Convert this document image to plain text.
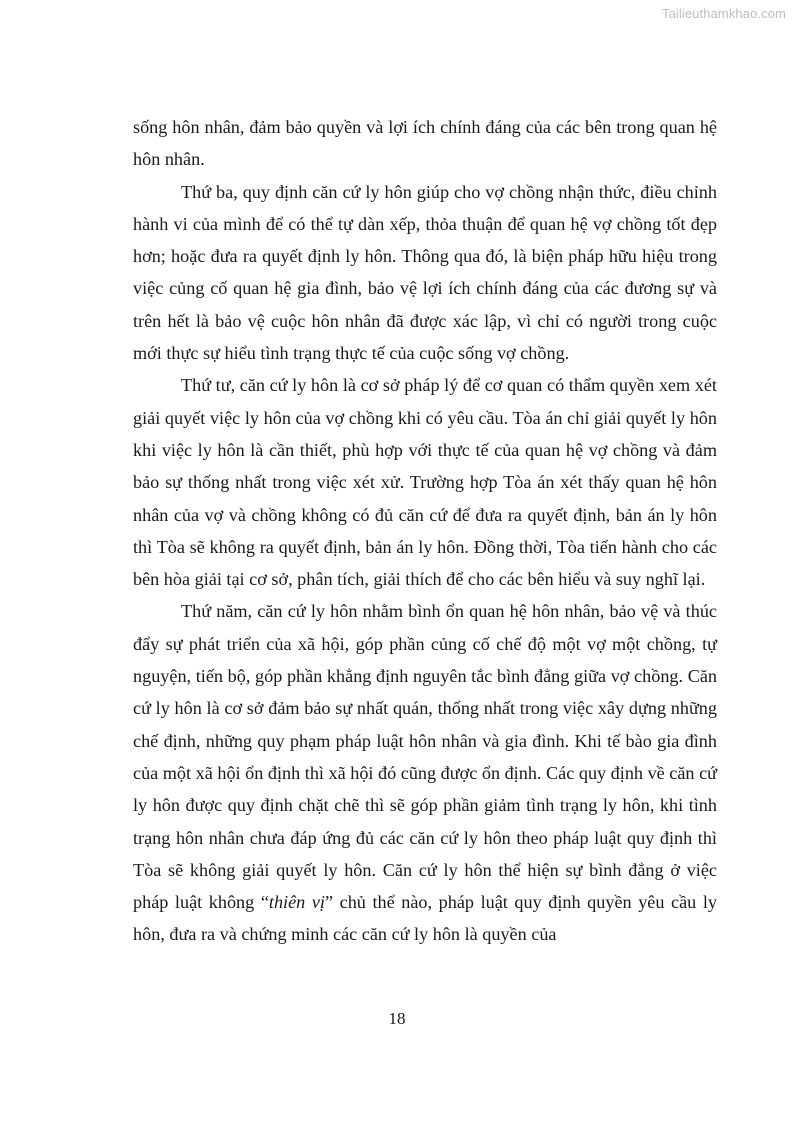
Tailieuthamkhao.com

sống hôn nhân, đảm bảo quyền và lợi ích chính đáng của các bên trong quan hệ hôn nhân.

Thứ ba, quy định căn cứ ly hôn giúp cho vợ chồng nhận thức, điều chỉnh hành vi của mình để có thể tự dàn xếp, thỏa thuận để quan hệ vợ chồng tốt đẹp hơn; hoặc đưa ra quyết định ly hôn. Thông qua đó, là biện pháp hữu hiệu trong việc củng cố quan hệ gia đình, bảo vệ lợi ích chính đáng của các đương sự và trên hết là bảo vệ cuộc hôn nhân đã được xác lập, vì chỉ có người trong cuộc mới thực sự hiểu tình trạng thực tế của cuộc sống vợ chồng.

Thứ tư, căn cứ ly hôn là cơ sở pháp lý để cơ quan có thẩm quyền xem xét giải quyết việc ly hôn của vợ chồng khi có yêu cầu. Tòa án chỉ giải quyết ly hôn khi việc ly hôn là cần thiết, phù hợp với thực tế của quan hệ vợ chồng và đảm bảo sự thống nhất trong việc xét xử. Trường hợp Tòa án xét thấy quan hệ hôn nhân của vợ và chồng không có đủ căn cứ để đưa ra quyết định, bản án ly hôn thì Tòa sẽ không ra quyết định, bản án ly hôn. Đồng thời, Tòa tiến hành cho các bên hòa giải tại cơ sở, phân tích, giải thích để cho các bên hiểu và suy nghĩ lại.

Thứ năm, căn cứ ly hôn nhằm bình ổn quan hệ hôn nhân, bảo vệ và thúc đẩy sự phát triển của xã hội, góp phần củng cố chế độ một vợ một chồng, tự nguyện, tiến bộ, góp phần khẳng định nguyên tắc bình đẳng giữa vợ chồng. Căn cứ ly hôn là cơ sở đảm bảo sự nhất quán, thống nhất trong việc xây dựng những chế định, những quy phạm pháp luật hôn nhân và gia đình. Khi tế bào gia đình của một xã hội ổn định thì xã hội đó cũng được ổn định. Các quy định về căn cứ ly hôn được quy định chặt chẽ thì sẽ góp phần giảm tình trạng ly hôn, khi tình trạng hôn nhân chưa đáp ứng đủ các căn cứ ly hôn theo pháp luật quy định thì Tòa sẽ không giải quyết ly hôn. Căn cứ ly hôn thể hiện sự bình đẳng ở việc pháp luật không “thiên vị” chủ thể nào, pháp luật quy định quyền yêu cầu ly hôn, đưa ra và chứng minh các căn cứ ly hôn là quyền của

18
